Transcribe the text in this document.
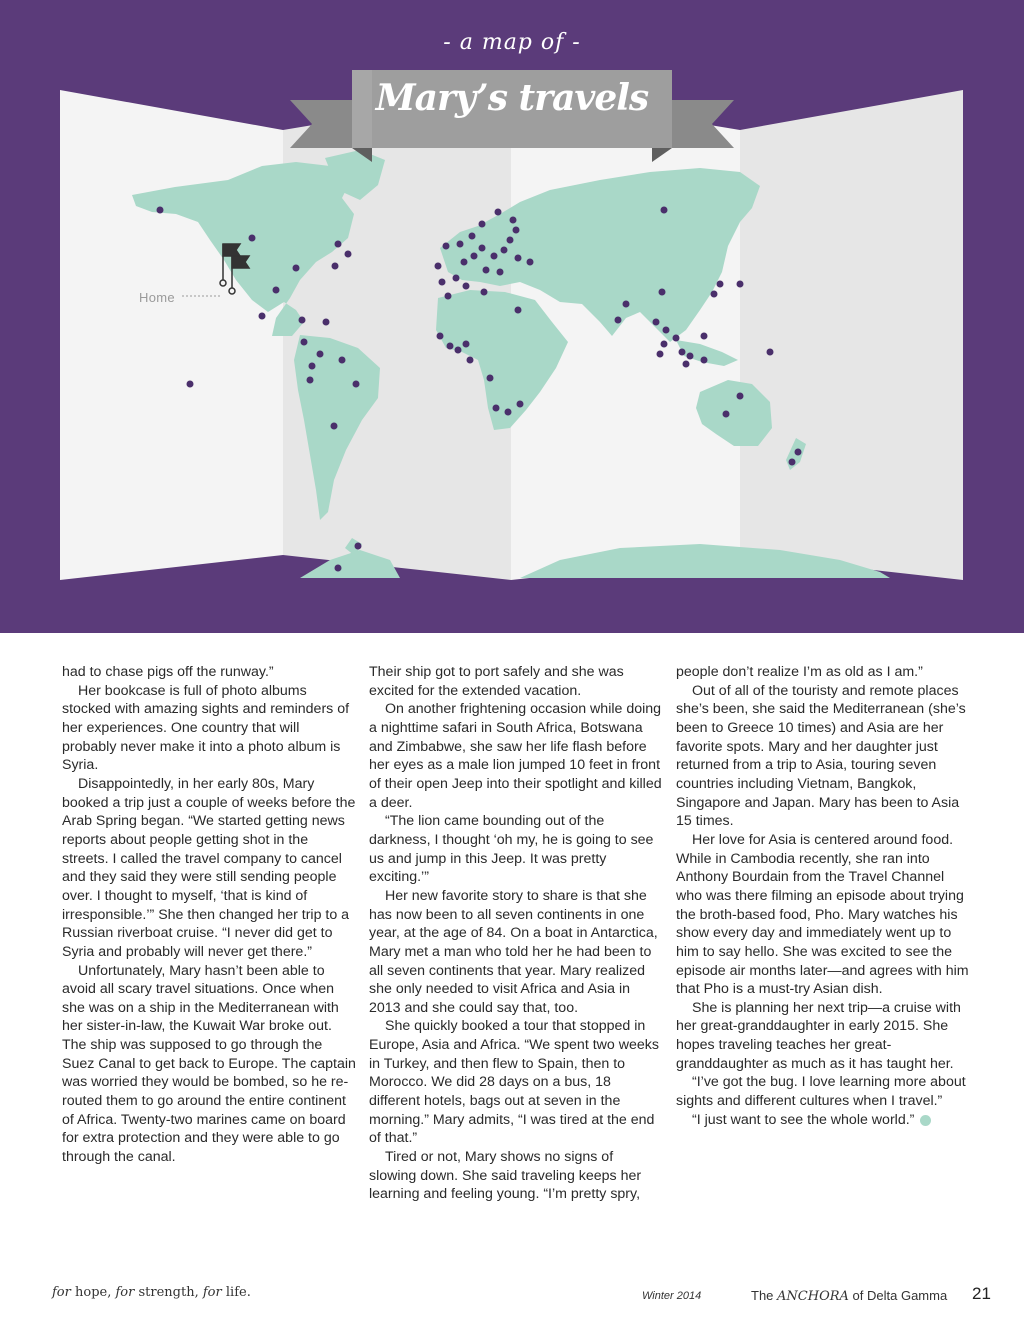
- a map of -
Mary’s travels
Home

had to chase pigs off the runway.”

Her bookcase is full of photo albums stocked with amazing sights and reminders of her experiences. One country that will probably never make it into a photo album is Syria.

Disappointedly, in her early 80s, Mary booked a trip just a couple of weeks before the Arab Spring began. “We started getting news reports about people getting shot in the streets. I called the travel company to cancel and they said they were still sending people over. I thought to myself, ‘that is kind of irresponsible.’” She then changed her trip to a Russian riverboat cruise. “I never did get to Syria and probably will never get there.”

Unfortunately, Mary hasn’t been able to avoid all scary travel situations. Once when she was on a ship in the Mediterranean with her sister-in-law, the Kuwait War broke out. The ship was supposed to go through the Suez Canal to get back to Europe. The captain was worried they would be bombed, so he re-routed them to go around the entire continent of Africa. Twenty-two marines came on board for extra protection and they were able to go through the canal.

Their ship got to port safely and she was excited for the extended vacation.

On another frightening occasion while doing a nighttime safari in South Africa, Botswana and Zimbabwe, she saw her life flash before her eyes as a male lion jumped 10 feet in front of their open Jeep into their spotlight and killed a deer.

“The lion came bounding out of the darkness, I thought ‘oh my, he is going to see us and jump in this Jeep. It was pretty exciting.’”

Her new favorite story to share is that she has now been to all seven continents in one year, at the age of 84. On a boat in Antarctica, Mary met a man who told her he had been to all seven continents that year. Mary realized she only needed to visit Africa and Asia in 2013 and she could say that, too.

She quickly booked a tour that stopped in Europe, Asia and Africa. “We spent two weeks in Turkey, and then flew to Spain, then to Morocco. We did 28 days on a bus, 18 different hotels, bags out at seven in the morning.” Mary admits, “I was tired at the end of that.”

Tired or not, Mary shows no signs of slowing down. She said traveling keeps her learning and feeling young. “I’m pretty spry,

people don’t realize I’m as old as I am.”

Out of all of the touristy and remote places she’s been, she said the Mediterranean (she’s been to Greece 10 times) and Asia are her favorite spots. Mary and her daughter just returned from a trip to Asia, touring seven countries including Vietnam, Bangkok, Singapore and Japan. Mary has been to Asia 15 times.

Her love for Asia is centered around food. While in Cambodia recently, she ran into Anthony Bourdain from the Travel Channel who was there filming an episode about trying the broth-based food, Pho. Mary watches his show every day and immediately went up to him to say hello. She was excited to see the episode air months later—and agrees with him that Pho is a must-try Asian dish.

She is planning her next trip—a cruise with her great-granddaughter in early 2015. She hopes traveling teaches her great-granddaughter as much as it has taught her.

“I’ve got the bug. I love learning more about sights and different cultures when I travel.”

“I just want to see the whole world.”

for hope, for strength, for life.	Winter 2014	The ANCHORA of Delta Gamma 21
